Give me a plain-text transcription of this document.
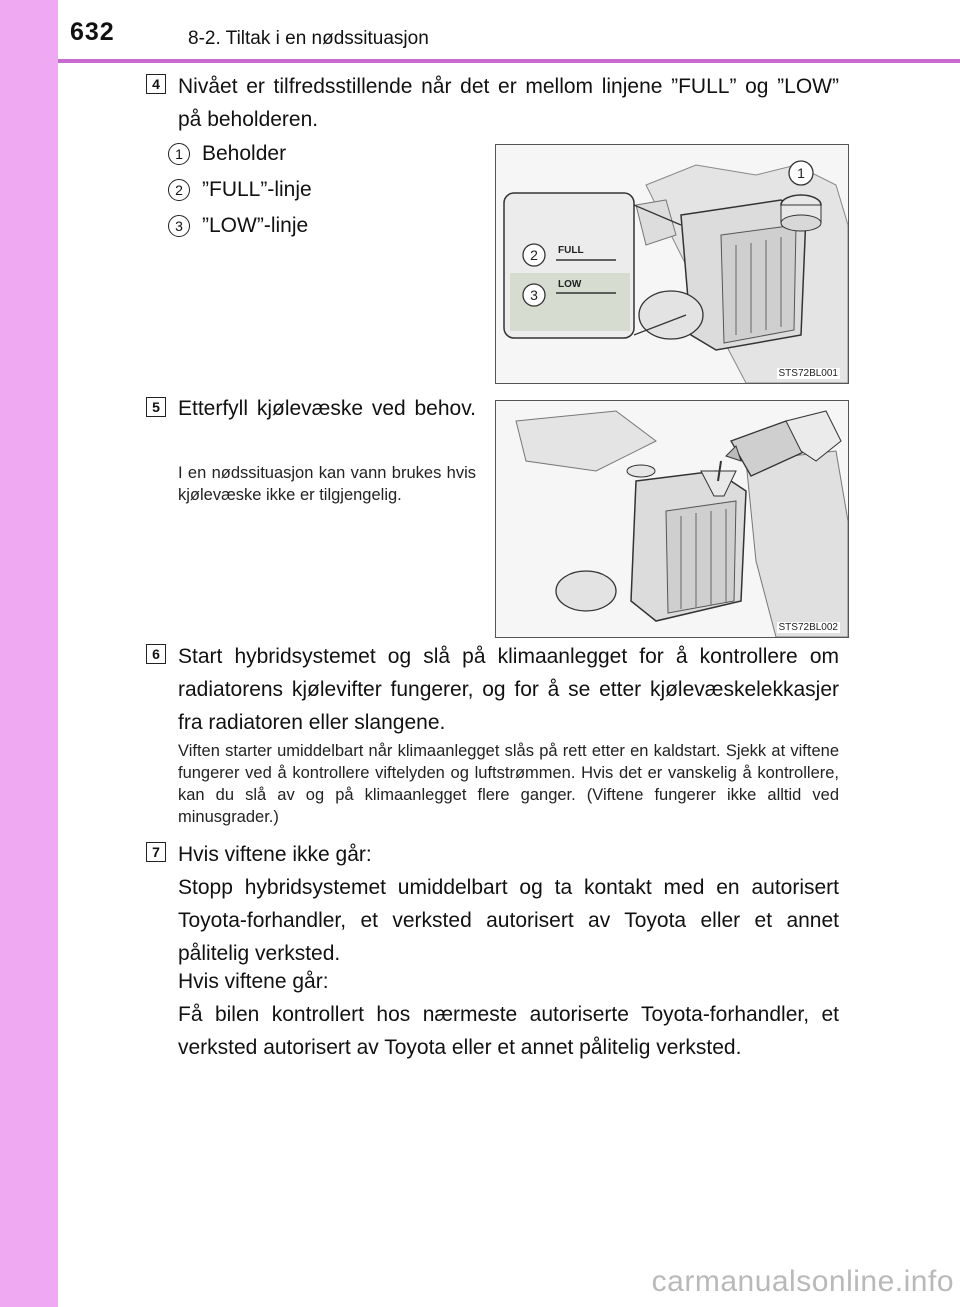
632	8-2. Tiltak i en nødssituasjon
4 Nivået er tilfredsstillende når det er mellom linjene ”FULL” og ”LOW” på beholderen.
1 Beholder
2 ”FULL”-linje
3 ”LOW”-linje
FULL
LOW
2
3
1
STS72BL001
5 Etterfyll kjølevæske ved behov.
I en nødssituasjon kan vann brukes hvis kjølevæske ikke er tilgjengelig.
STS72BL002
6 Start hybridsystemet og slå på klimaanlegget for å kontrollere om radiatorens kjølevifter fungerer, og for å se etter kjølevæskelekkasjer fra radiatoren eller slangene.
Viften starter umiddelbart når klimaanlegget slås på rett etter en kaldstart. Sjekk at viftene fungerer ved å kontrollere viftelyden og luftstrømmen. Hvis det er vanskelig å kontrollere, kan du slå av og på klimaanlegget flere ganger. (Viftene fungerer ikke alltid ved minusgrader.)
7 Hvis viftene ikke går:
Stopp hybridsystemet umiddelbart og ta kontakt med en autorisert Toyota-forhandler, et verksted autorisert av Toyota eller et annet pålitelig verksted.
Hvis viftene går:
Få bilen kontrollert hos nærmeste autoriserte Toyota-forhandler, et verksted autorisert av Toyota eller et annet pålitelig verksted.
carmanualsonline.info
